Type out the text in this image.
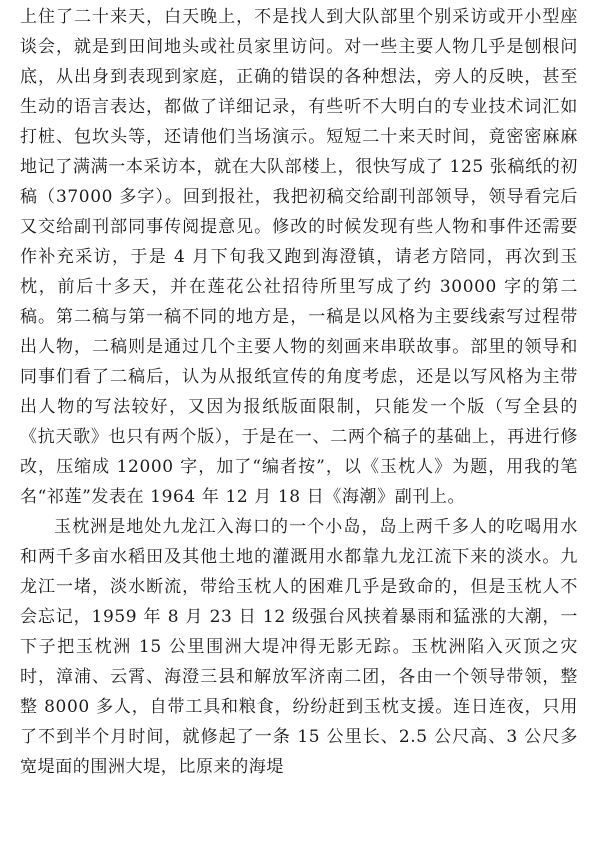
上住了二十来天，白天晚上，不是找人到大队部里个别采访或开小型座谈会，就是到田间地头或社员家里访问。对一些主要人物几乎是刨根问底，从出身到表现到家庭，正确的错误的各种想法，旁人的反映，甚至生动的语言表达，都做了详细记录，有些听不大明白的专业技术词汇如打桩、包坎头等，还请他们当场演示。短短二十来天时间，竟密密麻麻地记了满满一本采访本，就在大队部楼上，很快写成了 125 张稿纸的初稿（37000 多字）。回到报社，我把初稿交给副刊部领导，领导看完后又交给副刊部同事传阅提意见。修改的时候发现有些人物和事件还需要作补充采访，于是 4 月下旬我又跑到海澄镇，请老方陪同，再次到玉枕，前后十多天，并在莲花公社招待所里写成了约 30000 字的第二稿。第二稿与第一稿不同的地方是，一稿是以风格为主要线索写过程带出人物，二稿则是通过几个主要人物的刻画来串联故事。部里的领导和同事们看了二稿后，认为从报纸宣传的角度考虑，还是以写风格为主带出人物的写法较好，又因为报纸版面限制，只能发一个版（写全县的《抗天歌》也只有两个版），于是在一、二两个稿子的基础上，再进行修改，压缩成 12000 字，加了“编者按”，以《玉枕人》为题，用我的笔名“祁莲”发表在 1964 年 12 月 18 日《海潮》副刊上。

玉枕洲是地处九龙江入海口的一个小岛，岛上两千多人的吃喝用水和两千多亩水稻田及其他土地的灌溉用水都靠九龙江流下来的淡水。九龙江一堵，淡水断流，带给玉枕人的困难几乎是致命的，但是玉枕人不会忘记，1959 年 8 月 23 日 12 级强台风挟着暴雨和猛涨的大潮，一下子把玉枕洲 15 公里围洲大堤冲得无影无踪。玉枕洲陷入灭顶之灾时，漳浦、云霄、海澄三县和解放军济南二团，各由一个领导带领，整整 8000 多人，自带工具和粮食，纷纷赶到玉枕支援。连日连夜，只用了不到半个月时间，就修起了一条 15 公里长、2.5 公尺高、3 公尺多宽堤面的围洲大堤，比原来的海堤
